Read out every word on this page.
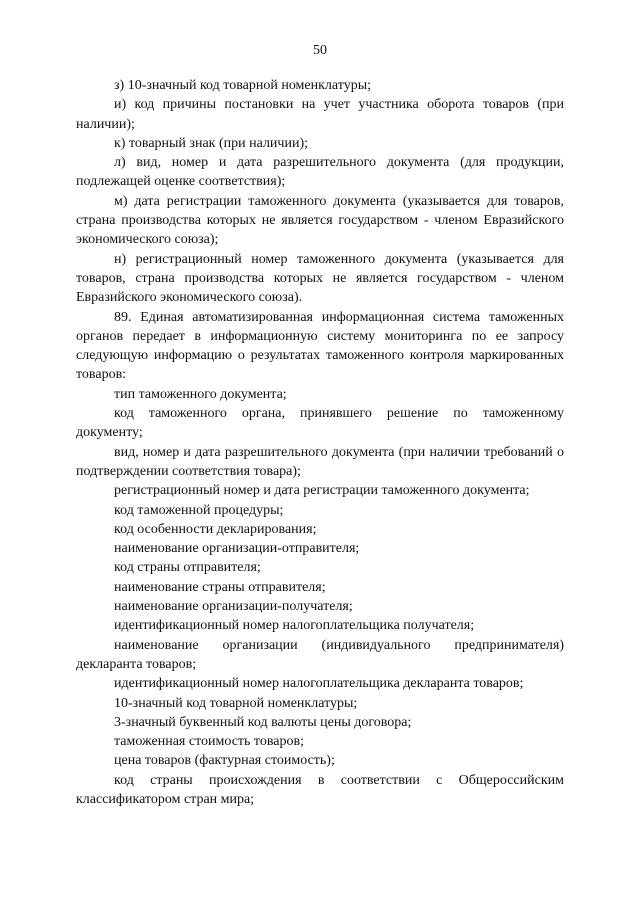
50

з) 10-значный код товарной номенклатуры;

и) код причины постановки на учет участника оборота товаров (при наличии);

к) товарный знак (при наличии);

л) вид, номер и дата разрешительного документа (для продукции, подлежащей оценке соответствия);

м) дата регистрации таможенного документа (указывается для товаров, страна производства которых не является государством - членом Евразийского экономического союза);

н) регистрационный номер таможенного документа (указывается для товаров, страна производства которых не является государством - членом Евразийского экономического союза).

89. Единая автоматизированная информационная система таможенных органов передает в информационную систему мониторинга по ее запросу следующую информацию о результатах таможенного контроля маркированных товаров:

тип таможенного документа;

код таможенного органа, принявшего решение по таможенному документу;

вид, номер и дата разрешительного документа (при наличии требований о подтверждении соответствия товара);

регистрационный номер и дата регистрации таможенного документа;

код таможенной процедуры;

код особенности декларирования;

наименование организации-отправителя;

код страны отправителя;

наименование страны отправителя;

наименование организации-получателя;

идентификационный номер налогоплательщика получателя;

наименование организации (индивидуального предпринимателя) декларанта товаров;

идентификационный номер налогоплательщика декларанта товаров;

10-значный код товарной номенклатуры;

3-значный буквенный код валюты цены договора;

таможенная стоимость товаров;

цена товаров (фактурная стоимость);

код страны происхождения в соответствии с Общероссийским классификатором стран мира;
